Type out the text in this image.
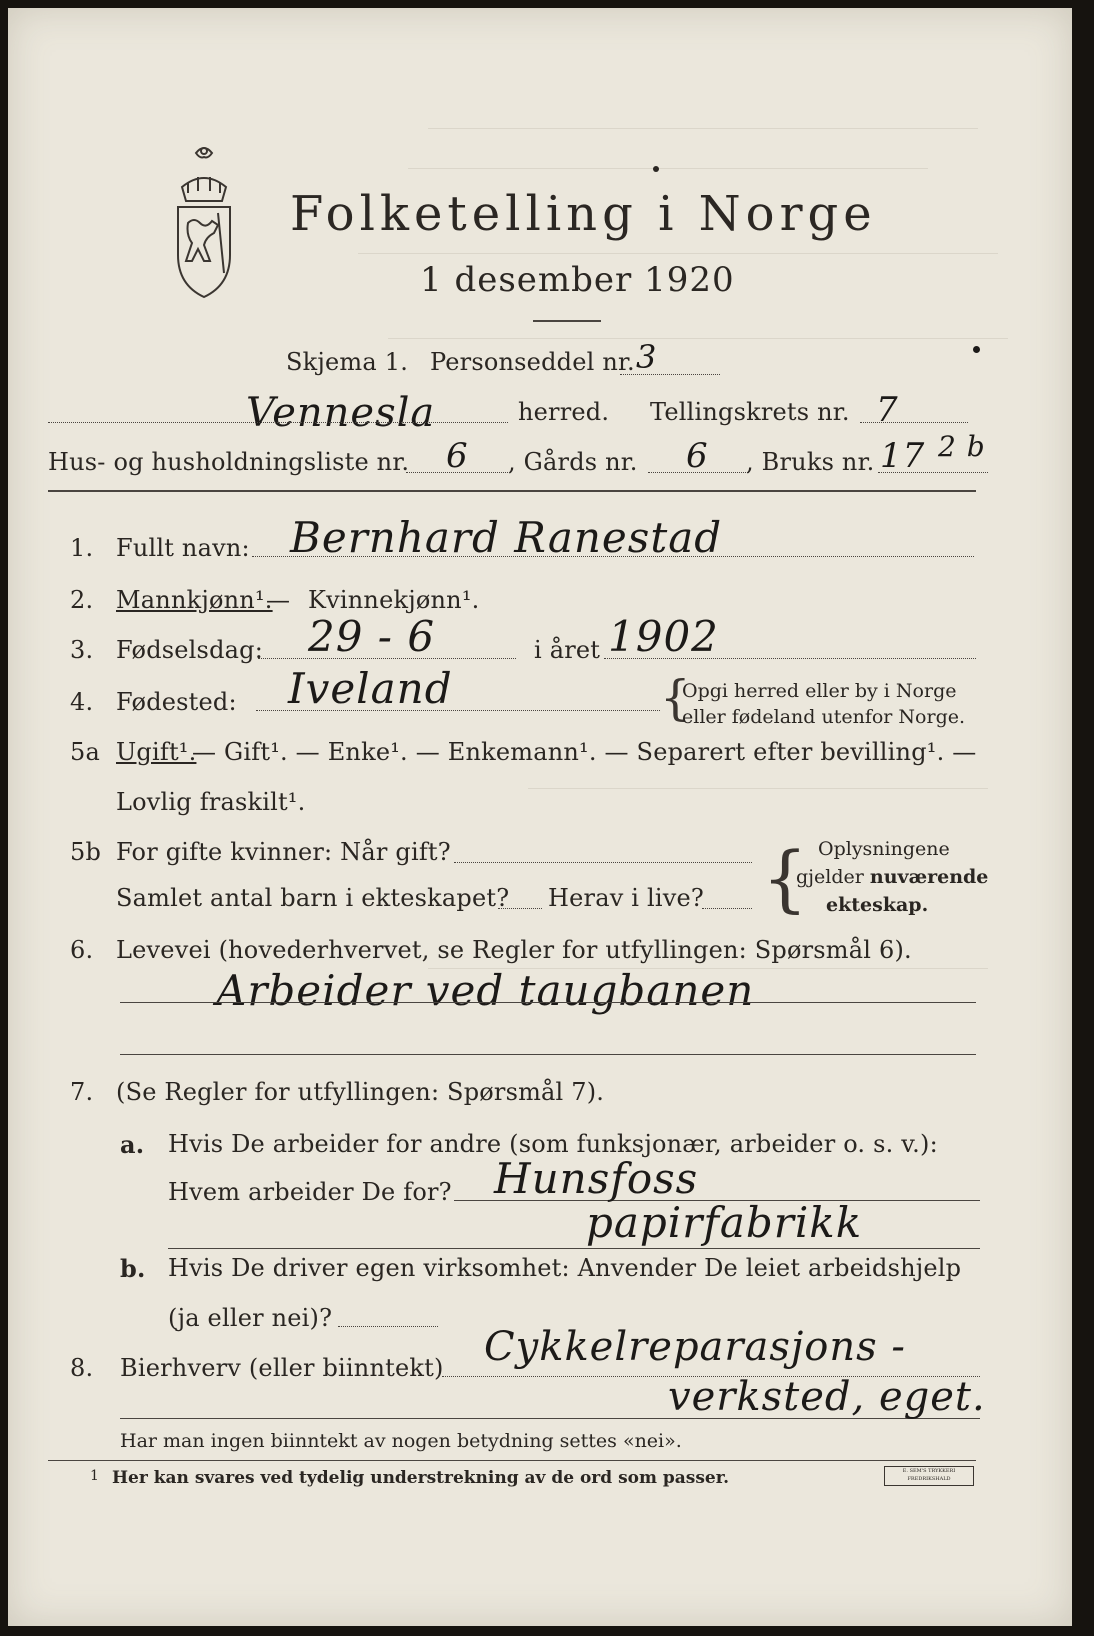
Folketelling i Norge
1 desember 1920
Skjema 1. Personseddel nr. 3
Vennesla	herred. Tellingskrets nr. 7
Hus- og husholdningsliste nr. 6 , Gårds nr. 6 , Bruks nr. 17 2 b
1. Fullt navn: Bernhard Ranestad
2. Mannkjønn¹.
— Kvinnekjønn¹.
3. Fødselsdag: 29 - 6	i året 1902
4. Fødested: Iveland	{
Opgi herred eller by i Norge
eller fødeland utenfor Norge.
5a Ugift¹.
— Gift¹. — Enke¹. — Enkemann¹. — Separert efter bevilling¹. —
Lovlig fraskilt¹.
5b For gifte kvinner: Når gift?
Samlet antal barn i ekteskapet? Herav i live? { Oplysningene
gjelder nuværende
ekteskap.
6. Levevei (hovederhvervet, se Regler for utfyllingen: Spørsmål 6).
Arbeider ved taugbanen
7. (Se Regler for utfyllingen: Spørsmål 7).
a. Hvis De arbeider for andre (som funksjonær, arbeider o. s. v.):
Hvem arbeider De for? Hunsfoss
papirfabrikk
b. Hvis De driver egen virksomhet: Anvender De leiet arbeidshjelp
(ja eller nei)?
8. Bierhverv (eller biinntekt) Cykkelreparasjons -
verksted, eget.
Har man ingen biinntekt av nogen betydning settes «nei».
1 Her kan svares ved tydelig understrekning av de ord som passer.	E. SEM'S TRYKKERI FREDRIKSHALD
